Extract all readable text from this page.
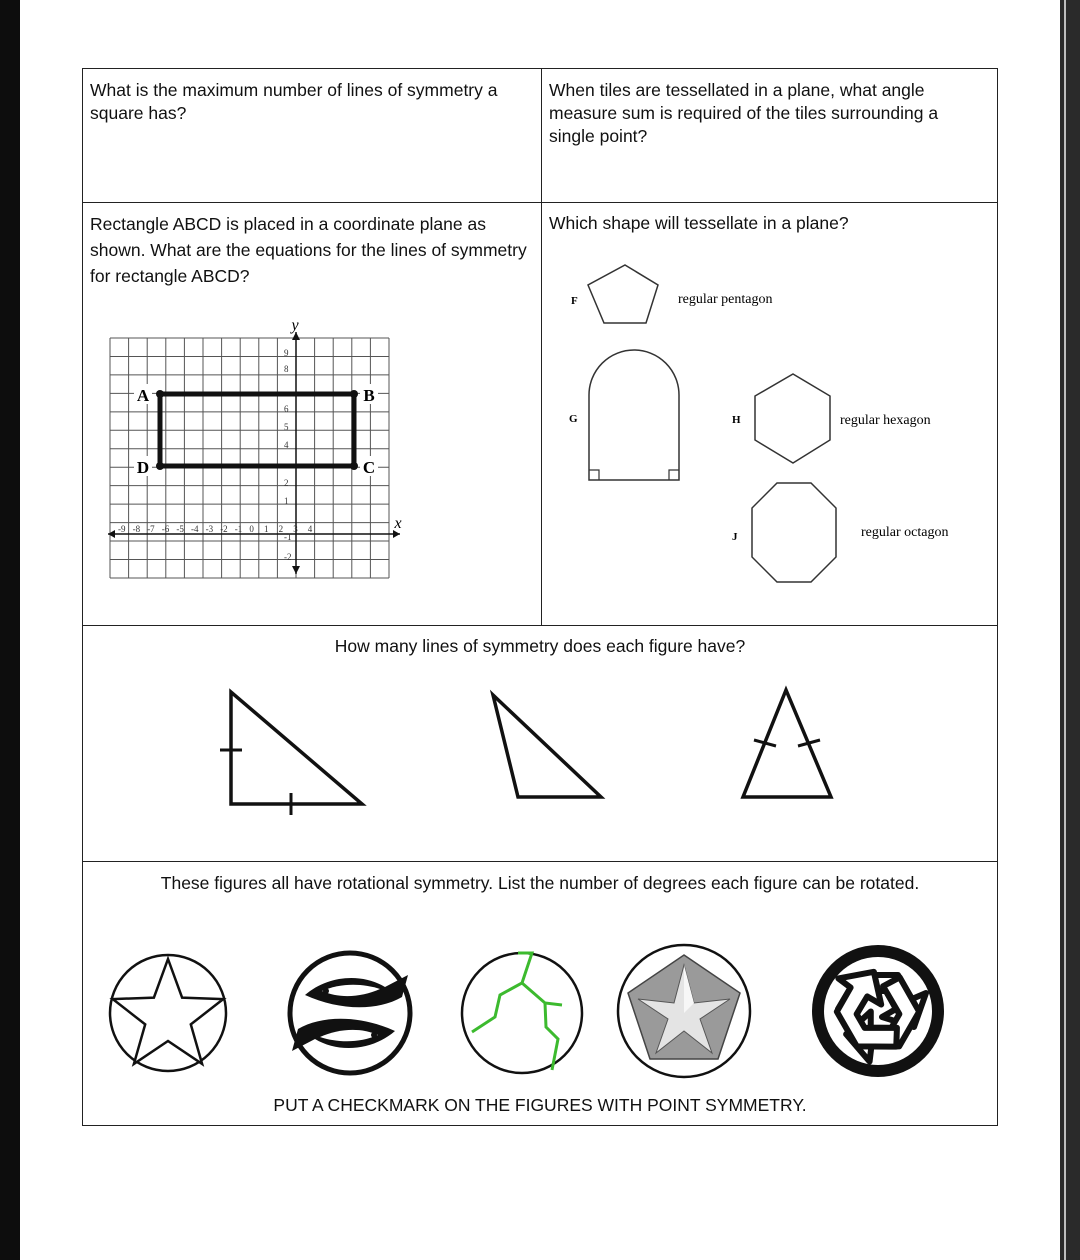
What is the maximum number of lines of symmetry a square has?
When tiles are tessellated in a plane, what angle measure sum is required of the tiles surrounding a single point?
Rectangle ABCD is placed in a coordinate plane as shown. What are the equations for the lines of symmetry for rectangle ABCD?
Which shape will tessellate in a plane?
How many lines of symmetry does each figure have?
These figures all have rotational symmetry. List the number of degrees each figure can be rotated.
PUT A CHECKMARK ON THE FIGURES WITH POINT SYMMETRY.
A	B
C
D
y
x
9
8
6
5
4
2
1
-1
-2
-9 -8 -7 -6 -5 -4 -3 -2 -1 0 1 2 3 4
F	regular pentagon
G	H	regular hexagon
J	regular octagon
